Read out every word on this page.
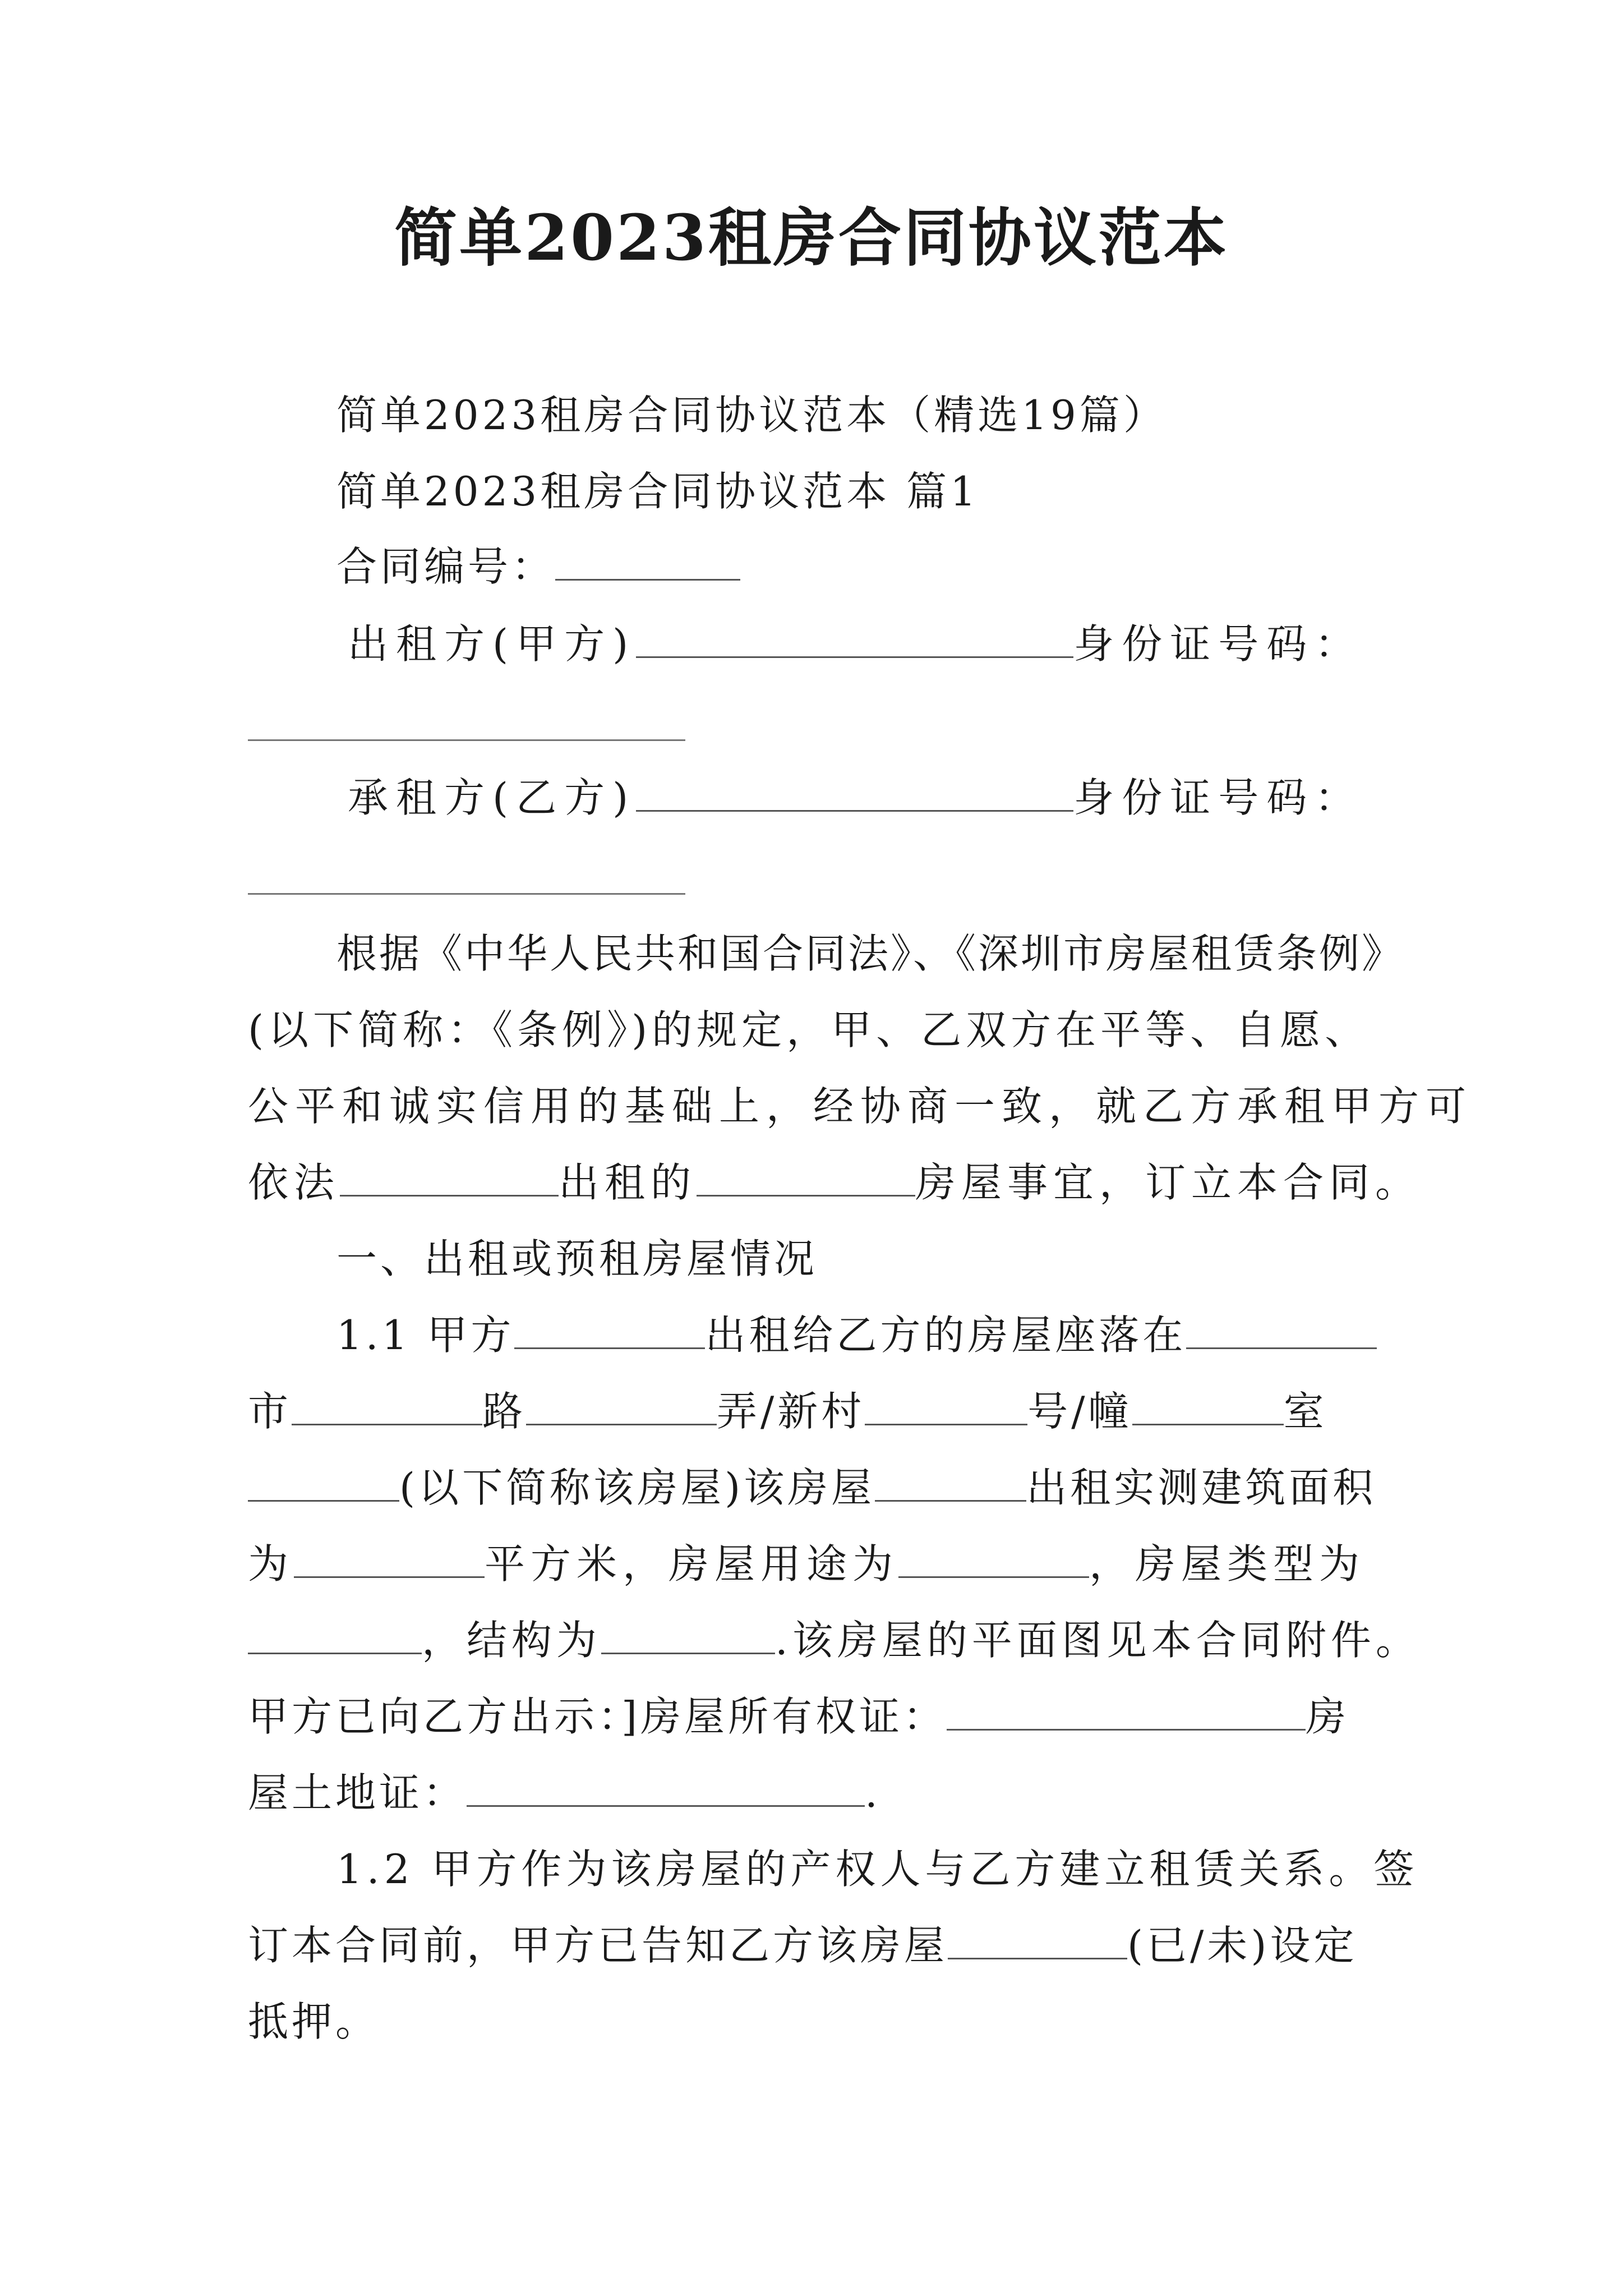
简单2023租房合同协议范本
简单2023租房合同协议范本（精选19篇）
简单2023租房合同协议范本 篇1
合同编号：
出租方(甲方)	身份证号码：
承租方(乙方)	身份证号码：
根据《中华人民共和国合同法》、《深圳市房屋租赁条例》
(以下简称：《条例》)的规定，甲、乙双方在平等、自愿、
公平和诚实信用的基础上，经协商一致，就乙方承租甲方可
依法	出租的	房屋事宜，订立本合同。
一、出租或预租房屋情况
1.1 甲方	出租给乙方的房屋座落在
市	路	弄/新村	号/幢	室
(以下简称该房屋)该房屋	出租实测建筑面积
为	平方米，房屋用途为	，房屋类型为
，结构为	.该房屋的平面图见本合同附件。
甲方已向乙方出示：]房屋所有权证：	房
屋土地证：	.
1.2 甲方作为该房屋的产权人与乙方建立租赁关系。签
订本合同前，甲方已告知乙方该房屋	(已/未)设定
抵押。
